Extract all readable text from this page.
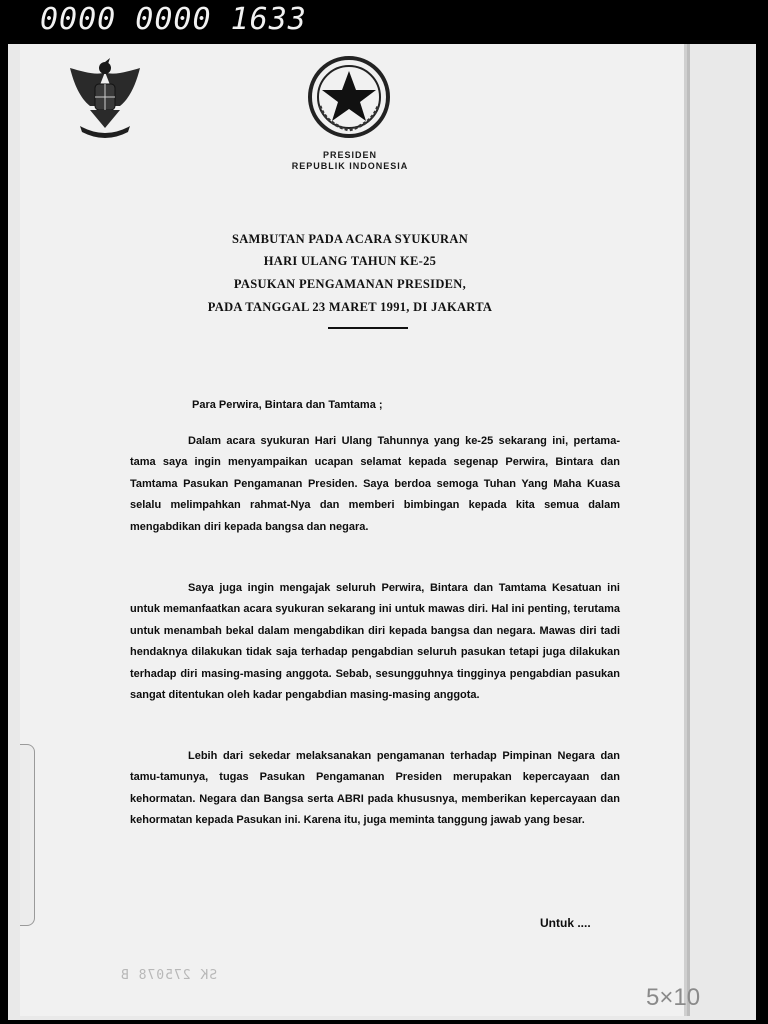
0000 0000 1633
PRESIDEN
REPUBLIK INDONESIA
SAMBUTAN PADA ACARA SYUKURAN
HARI ULANG TAHUN KE-25
PASUKAN PENGAMANAN PRESIDEN,
PADA TANGGAL 23 MARET 1991, DI JAKARTA
Para Perwira, Bintara dan Tamtama ;

Dalam acara syukuran Hari Ulang Tahunnya yang ke-25 sekarang ini, pertama-tama saya ingin menyampaikan ucapan selamat kepada segenap Perwira, Bintara dan Tamtama Pasukan Pengamanan Presiden. Saya berdoa semoga Tuhan Yang Maha Kuasa selalu melimpahkan rahmat-Nya dan memberi bimbingan kepada kita semua dalam mengabdikan diri kepada bangsa dan negara.

Saya juga ingin mengajak seluruh Perwira, Bintara dan Tamtama Kesatuan ini untuk memanfaatkan acara syukuran sekarang ini untuk mawas diri. Hal ini penting, terutama untuk menambah bekal dalam mengabdikan diri kepada bangsa dan negara. Mawas diri tadi hendaknya dilakukan tidak saja terhadap pengabdian seluruh pasukan tetapi juga dilakukan terhadap diri masing-masing anggota. Sebab, sesungguhnya tingginya pengabdian pasukan sangat ditentukan oleh kadar pengabdian masing-masing anggota.

Lebih dari sekedar melaksanakan pengamanan terhadap Pimpinan Negara dan tamu-tamunya, tugas Pasukan Pengamanan Presiden merupakan kepercayaan dan kehormatan. Negara dan Bangsa serta ABRI pada khususnya, memberikan kepercayaan dan kehormatan kepada Pasukan ini. Karena itu, juga meminta tanggung jawab yang besar.

Untuk ....
SK 275078 B
5×10
